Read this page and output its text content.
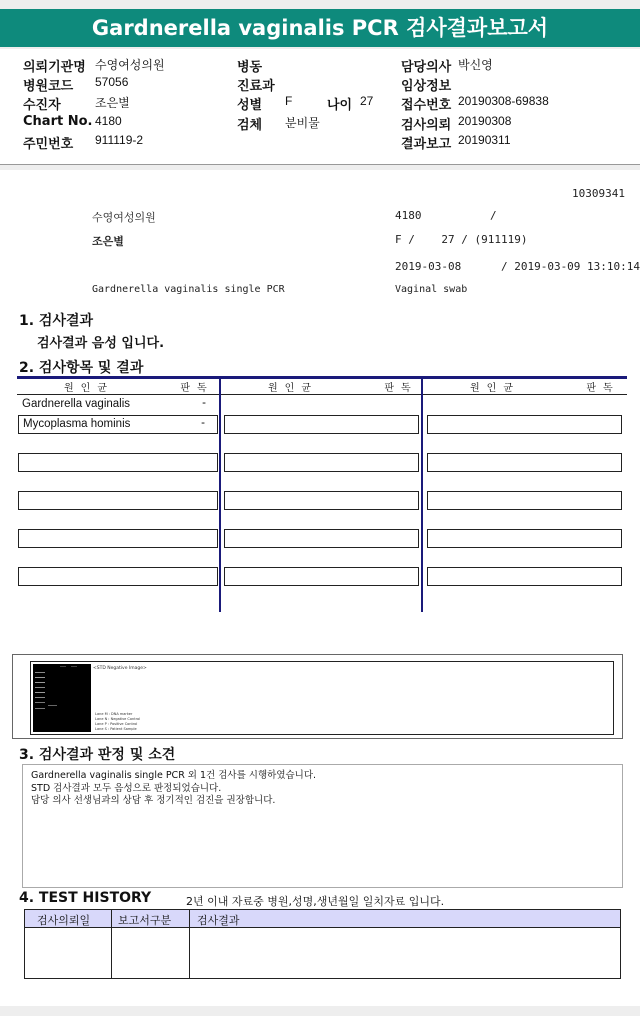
Gardnerella vaginalis PCR 검사결과보고서
의뢰기관명 수영여성의원	병동	담당의사 박신영
병원코드 57056	진료과	임상정보
수진자	조은별	성별 F	나이 27 접수번호 20190308-69838
Chart No. 4180	검체 분비물	검사의뢰 20190308
주민번호 911119-2	결과보고 20190311
10309341
수영여성의원	4180	/
조은별	F /    27 / (911119)
2019-03-08      / 2019-03-09 13:10:14
Gardnerella vaginalis single PCR	Vaginal swab
1. 검사결과
검사결과 음성 입니다.
2. 검사항목 및 결과
원인균	판독	원인균	판독	원인균	판독
Gardnerella vaginalis	-
Mycoplasma hominis	-
<STD Negative Image>
Lane M : DNA marker
Lane N : Negative Control
Lane P : Positive Control
Lane S : Patient Sample
3. 검사결과 판정 및 소견
Gardnerella vaginalis single PCR 외 1건 검사를 시행하였습니다.
STD 검사결과 모두 음성으로 판정되었습니다.
담당 의사 선생님과의 상담 후 정기적인 검진을 권장합니다.
4. TEST HISTORY	2년 이내 자료중 병원,성명,생년월일 일치자료 입니다.
검사의뢰일	보고서구분 검사결과
